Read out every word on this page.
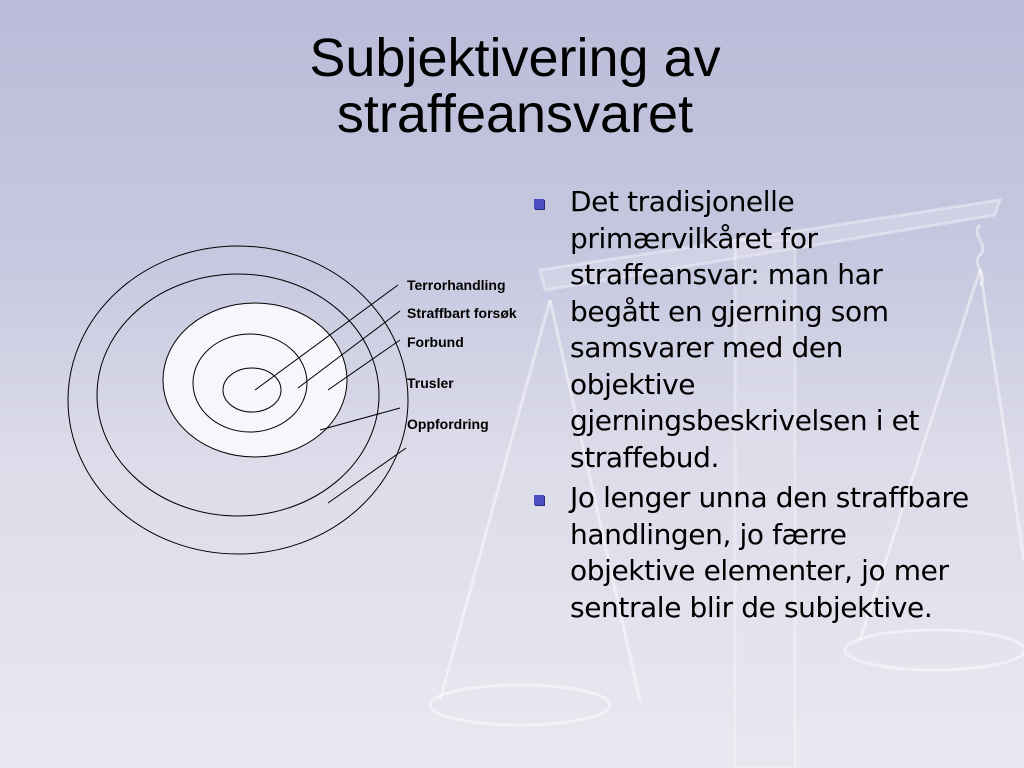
Subjektivering av straffeansvaret
Terrorhandling
Straffbart forsøk
Forbund
Trusler
Oppfordring
Det tradisjonelle primærvilkåret for straffeansvar: man har begått en gjerning som samsvarer med den objektive gjerningsbeskrivelsen i et straffebud.
Jo lenger unna den straffbare handlingen, jo færre objektive elementer, jo mer sentrale blir de subjektive.
